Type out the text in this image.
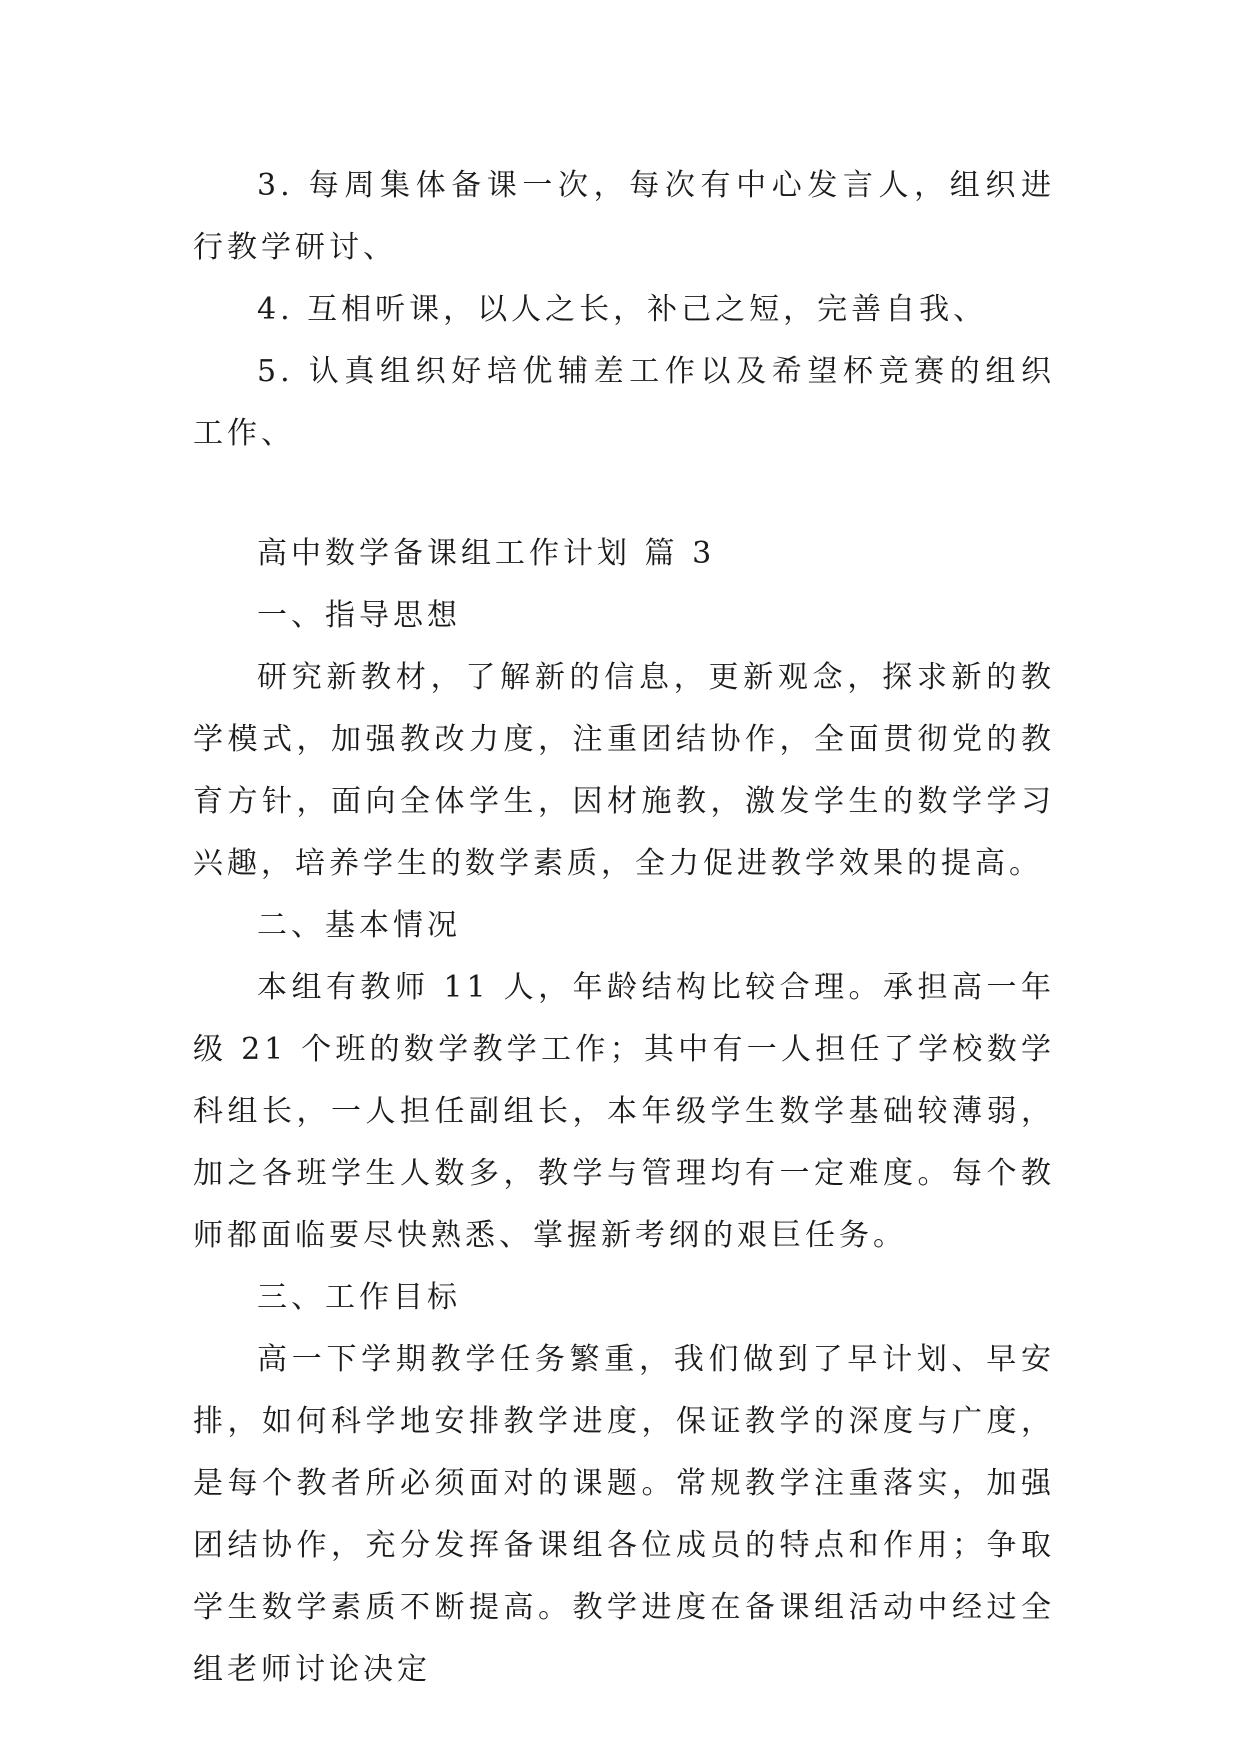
3. 每周集体备课一次，每次有中心发言人，组织进行教学研讨、

4. 互相听课，以人之长，补己之短，完善自我、

5. 认真组织好培优辅差工作以及希望杯竞赛的组织工作、

高中数学备课组工作计划 篇 3

一、指导思想

研究新教材，了解新的信息，更新观念，探求新的教学模式，加强教改力度，注重团结协作，全面贯彻党的教育方针，面向全体学生，因材施教，激发学生的数学学习兴趣，培养学生的数学素质，全力促进教学效果的提高。

二、基本情况

本组有教师 11 人，年龄结构比较合理。承担高一年级 21 个班的数学教学工作；其中有一人担任了学校数学科组长，一人担任副组长，本年级学生数学基础较薄弱，加之各班学生人数多，教学与管理均有一定难度。每个教师都面临要尽快熟悉、掌握新考纲的艰巨任务。

三、工作目标

高一下学期教学任务繁重，我们做到了早计划、早安排，如何科学地安排教学进度，保证教学的深度与广度，是每个教者所必须面对的课题。常规教学注重落实，加强团结协作，充分发挥备课组各位成员的特点和作用；争取学生数学素质不断提高。教学进度在备课组活动中经过全组老师讨论决定
